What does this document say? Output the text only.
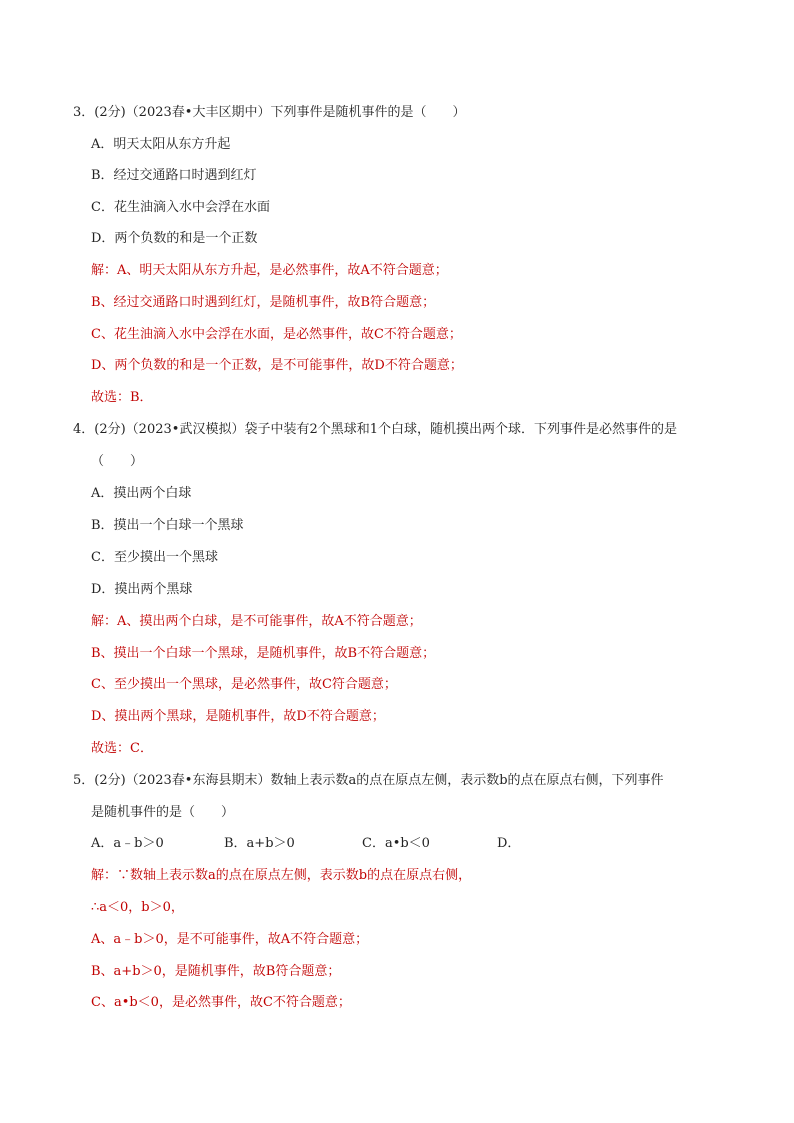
3．(2分)（2023春•大丰区期中）下列事件是随机事件的是（　　）
A．明天太阳从东方升起
B．经过交通路口时遇到红灯
C．花生油滴入水中会浮在水面
D．两个负数的和是一个正数
解：A、明天太阳从东方升起，是必然事件，故A不符合题意；
B、经过交通路口时遇到红灯，是随机事件，故B符合题意；
C、花生油滴入水中会浮在水面，是必然事件，故C不符合题意；
D、两个负数的和是一个正数，是不可能事件，故D不符合题意；
故选：B．
4．(2分)（2023•武汉模拟）袋子中装有2个黑球和1个白球，随机摸出两个球．下列事件是必然事件的是
（　　）
A．摸出两个白球
B．摸出一个白球一个黑球
C．至少摸出一个黑球
D．摸出两个黑球
解：A、摸出两个白球，是不可能事件，故A不符合题意；
B、摸出一个白球一个黑球，是随机事件，故B不符合题意；
C、至少摸出一个黑球，是必然事件，故C符合题意；
D、摸出两个黑球，是随机事件，故D不符合题意；
故选：C．
5．(2分)（2023春•东海县期末）数轴上表示数a的点在原点左侧，表示数b的点在原点右侧，下列事件
是随机事件的是（　　）
A．a﹣b＞0	B．a+b＞0	C．a•b＜0	D．
解：∵数轴上表示数a的点在原点左侧，表示数b的点在原点右侧，
∴a＜0，b＞0，
A、a﹣b＞0，是不可能事件，故A不符合题意；
B、a+b＞0，是随机事件，故B符合题意；
C、a•b＜0，是必然事件，故C不符合题意；
